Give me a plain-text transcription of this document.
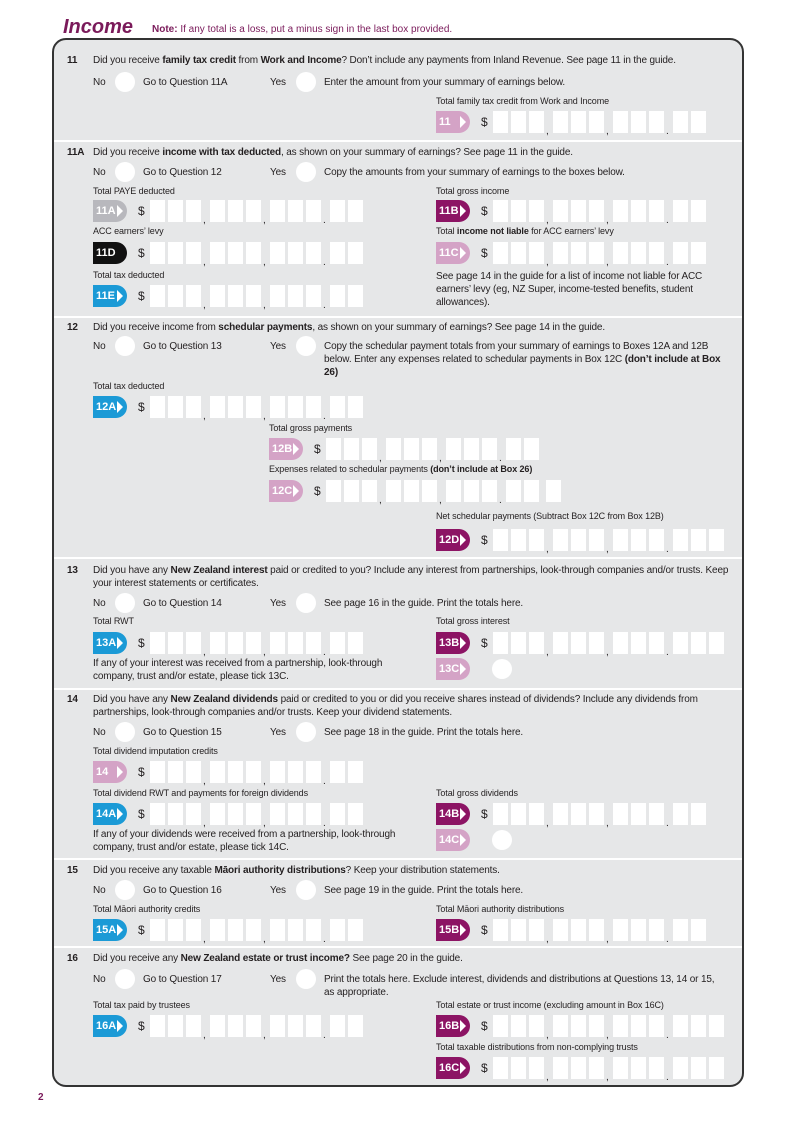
Income Note: If any total is a loss, put a minus sign in the last box provided.
11 Did you receive family tax credit from Work and Income? Don’t include any payments from Inland Revenue. See page 11 in the guide.
No	Go to Question 11A	Yes	Enter the amount from your summary of earnings below.
Total family tax credit from Work and Income
11	$
,	,	.
11A Did you receive income with tax deducted, as shown on your summary of earnings? See page 11 in the guide.
No	Go to Question 12	Yes	Copy the amounts from your summary of earnings to the boxes below.
Total PAYE deducted
11A	$
,	,	.
Total gross income
11B	$
,	,	.
ACC earners’ levy
11D	$
,	,	.
Total income not liable for ACC earners’ levy
11C	$
,	,	.
Total tax deducted
11E	$
,	,	.
See page 14 in the guide for a list of income not liable for ACC earners’ levy (eg, NZ Super, income-tested benefits, student allowances).
12 Did you receive income from schedular payments, as shown on your summary of earnings? See page 14 in the guide.
No	Go to Question 13	Yes	Copy the schedular payment totals from your summary of earnings to Boxes 12A and 12B below. Enter any expenses related to schedular payments in Box 12C (don’t include at Box 26)
Total tax deducted
12A	$
,	,	.
Total gross payments
12B	$
,	,	.
Expenses related to schedular payments (don’t include at Box 26)
12C	$
,	,	.
Net schedular payments (Subtract Box 12C from Box 12B)
12D	$
,	,	.
13 Did you have any New Zealand interest paid or credited to you? Include any interest from partnerships, look-through companies and/or trusts. Keep your interest statements or certificates.
No	Go to Question 14	Yes	See page 16 in the guide. Print the totals here.
Total RWT
13A	$
,	,	.
Total gross interest
13B	$
,	,	.
If any of your interest was received from a partnership, look-through company, trust and/or estate, please tick 13C.
13C
14 Did you have any New Zealand dividends paid or credited to you or did you receive shares instead of dividends? Include any dividends from partnerships, look-through companies and/or trusts. Keep your dividend statements.
No	Go to Question 15	Yes	See page 18 in the guide. Print the totals here.
Total dividend imputation credits
14	$
,	,	.
Total dividend RWT and payments for foreign dividends
14A	$
,	,	.
Total gross dividends
14B	$
,	,	.
If any of your dividends were received from a partnership, look-through company, trust and/or estate, please tick 14C.
14C
15 Did you receive any taxable Māori authority distributions? Keep your distribution statements.
No	Go to Question 16	Yes	See page 19 in the guide. Print the totals here.
Total Māori authority credits
15A	$
,	,	.
Total Māori authority distributions
15B	$
,	,	.
16 Did you receive any New Zealand estate or trust income? See page 20 in the guide.
No	Go to Question 17	Yes	Print the totals here. Exclude interest, dividends and distributions at Questions 13, 14 or 15, as appropriate.
Total tax paid by trustees
16A	$
,	,	.
Total estate or trust income (excluding amount in Box 16C)
16B	$
,	,	.
Total taxable distributions from non-complying trusts
16C	$
,	,	.
2
